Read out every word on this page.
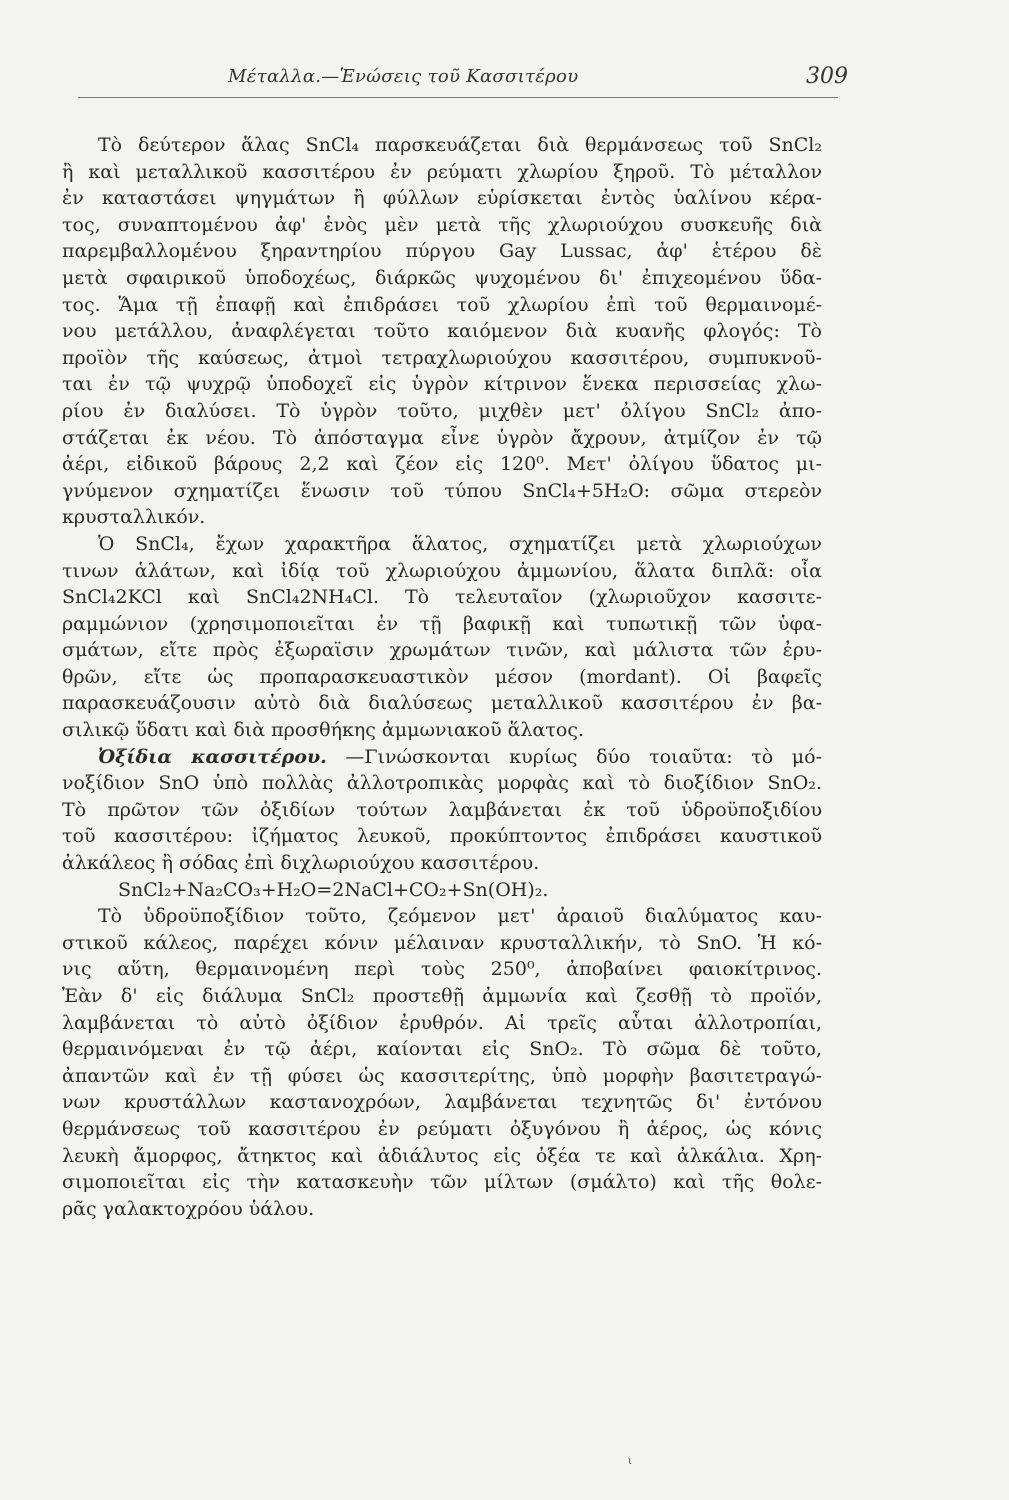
Μέταλλα.—Ἑνώσεις τοῦ Κασσιτέρου	309
Τὸ δεύτερον ἅλας SnCl₄ παρσκευάζεται διὰ θερμάνσεως τοῦ SnCl₂
ἢ καὶ μεταλλικοῦ κασσιτέρου ἐν ρεύματι χλωρίου ξηροῦ. Τὸ μέταλλον
ἐν καταστάσει ψηγμάτων ἢ φύλλων εὑρίσκεται ἐντὸς ὑαλίνου κέρα-
τος, συναπτομένου ἀφ' ἑνὸς μὲν μετὰ τῆς χλωριούχου συσκευῆς διὰ
παρεμβαλλομένου ξηραντηρίου πύργου Gay Lussac, ἀφ' ἑτέρου δὲ
μετὰ σφαιρικοῦ ὑποδοχέως, διάρκῶς ψυχομένου δι' ἐπιχεομένου ὕδα-
τος. Ἅμα τῇ ἐπαφῇ καὶ ἐπιδράσει τοῦ χλωρίου ἐπὶ τοῦ θερμαινομέ-
νου μετάλλου, ἀναφλέγεται τοῦτο καιόμενον διὰ κυανῆς φλογός: Τὸ
προϊὸν τῆς καύσεως, ἀτμοὶ τετραχλωριούχου κασσιτέρου, συμπυκνοῦ-
ται ἐν τῷ ψυχρῷ ὑποδοχεῖ εἰς ὑγρὸν κίτρινον ἕνεκα περισσείας χλω-
ρίου ἐν διαλύσει. Τὸ ὑγρὸν τοῦτο, μιχθὲν μετ' ὀλίγου SnCl₂ ἀπο-
στάζεται ἐκ νέου. Τὸ ἀπόσταγμα εἶνε ὑγρὸν ἄχρουν, ἀτμίζον ἐν τῷ
ἀέρι, εἰδικοῦ βάρους 2,2 καὶ ζέον εἰς 120⁰. Μετ' ὀλίγου ὕδατος μι-
γνύμενον σχηματίζει ἕνωσιν τοῦ τύπου SnCl₄+5H₂O: σῶμα στερεὸν
κρυσταλλικόν.
Ὁ SnCl₄, ἔχων χαρακτῆρα ἅλατος, σχηματίζει μετὰ χλωριούχων
τινων ἁλάτων, καὶ ἰδίᾳ τοῦ χλωριούχου ἀμμωνίου, ἅλατα διπλᾶ: οἷα
SnCl₄2KCl καὶ SnCl₄2NH₄Cl. Τὸ τελευταῖον (χλωριοῦχον κασσιτε-
ραμμώνιον (χρησιμοποιεῖται ἐν τῇ βαφικῇ καὶ τυπωτικῇ τῶν ὑφα-
σμάτων, εἴτε πρὸς ἐξωραϊσιν χρωμάτων τινῶν, καὶ μάλιστα τῶν ἐρυ-
θρῶν, εἴτε ὡς προπαρασκευαστικὸν μέσον (mordant). Οἱ βαφεῖς
παρασκευάζουσιν αὐτὸ διὰ διαλύσεως μεταλλικοῦ κασσιτέρου ἐν βα-
σιλικῷ ὕδατι καὶ διὰ προσθήκης ἀμμωνιακοῦ ἅλατος.
Ὀξίδια κασσιτέρου. —Γινώσκονται κυρίως δύο τοιαῦτα: τὸ μό-
νοξίδιον SnO ὑπὸ πολλὰς ἀλλοτροπικὰς μορφὰς καὶ τὸ διοξίδιον SnO₂.
Τὸ πρῶτον τῶν ὀξιδίων τούτων λαμβάνεται ἐκ τοῦ ὑδροϋποξιδίου
τοῦ κασσιτέρου: ἰζήματος λευκοῦ, προκύπτοντος ἐπιδράσει καυστικοῦ
ἀλκάλεος ἢ σόδας ἐπὶ διχλωριούχου κασσιτέρου.
SnCl₂+Na₂CO₃+H₂O=2NaCl+CO₂+Sn(OH)₂.
Τὸ ὑδροϋποξίδιον τοῦτο, ζεόμενον μετ' ἀραιοῦ διαλύματος καυ-
στικοῦ κάλεος, παρέχει κόνιν μέλαιναν κρυσταλλικήν, τὸ SnO. Ἡ κό-
νις αὕτη, θερμαινομένη περὶ τοὺς 250⁰, ἀποβαίνει φαιοκίτρινος.
Ἐὰν δ' εἰς διάλυμα SnCl₂ προστεθῇ ἀμμωνία καὶ ζεσθῇ τὸ προϊόν,
λαμβάνεται τὸ αὐτὸ ὀξίδιον ἐρυθρόν. Αἱ τρεῖς αὗται ἀλλοτροπίαι,
θερμαινόμεναι ἐν τῷ ἀέρι, καίονται εἰς SnO₂. Τὸ σῶμα δὲ τοῦτο,
ἀπαντῶν καὶ ἐν τῇ φύσει ὡς κασσιτερίτης, ὑπὸ μορφὴν βασιτετραγώ-
νων κρυστάλλων καστανοχρόων, λαμβάνεται τεχνητῶς δι' ἐντόνου
θερμάνσεως τοῦ κασσιτέρου ἐν ρεύματι ὀξυγόνου ἢ ἀέρος, ὡς κόνις
λευκὴ ἄμορφος, ἄτηκτος καὶ ἀδιάλυτος εἰς ὀξέα τε καὶ ἀλκάλια. Χρη-
σιμοποιεῖται εἰς τὴν κατασκευὴν τῶν μίλτων (σμάλτο) καὶ τῆς θολε-
ρᾶς γαλακτοχρόου ὑάλου.
ι
